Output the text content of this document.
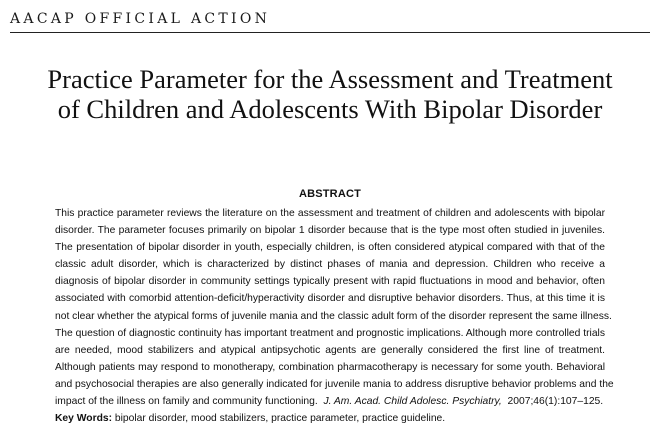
AACAP OFFICIAL ACTION
Practice Parameter for the Assessment and Treatment
of Children and Adolescents With Bipolar Disorder
ABSTRACT
This practice parameter reviews the literature on the assessment and treatment of children and adolescents with bipolar
disorder. The parameter focuses primarily on bipolar 1 disorder because that is the type most often studied in juveniles.
The presentation of bipolar disorder in youth, especially children, is often considered atypical compared with that of the
classic adult disorder, which is characterized by distinct phases of mania and depression. Children who receive a
diagnosis of bipolar disorder in community settings typically present with rapid fluctuations in mood and behavior, often
associated with comorbid attention-deficit/hyperactivity disorder and disruptive behavior disorders. Thus, at this time it is
not clear whether the atypical forms of juvenile mania and the classic adult form of the disorder represent the same illness.
The question of diagnostic continuity has important treatment and prognostic implications. Although more controlled trials
are needed, mood stabilizers and atypical antipsychotic agents are generally considered the first line of treatment.
Although patients may respond to monotherapy, combination pharmacotherapy is necessary for some youth. Behavioral
and psychosocial therapies are also generally indicated for juvenile mania to address disruptive behavior problems and the
impact of the illness on family and community functioning. J. Am. Acad. Child Adolesc. Psychiatry, 2007;46(1):107–125.
Key Words: bipolar disorder, mood stabilizers, practice parameter, practice guideline.
